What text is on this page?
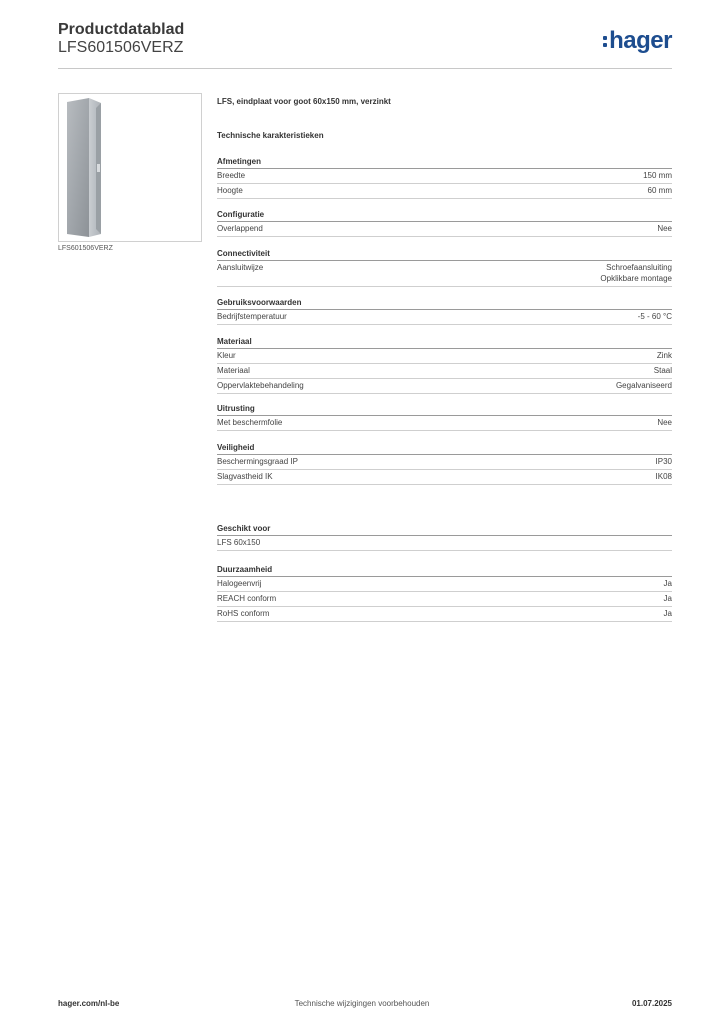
Productdatablad
LFS601506VERZ	hager
LFS601506VERZ
LFS, eindplaat voor goot 60x150 mm, verzinkt
Technische karakteristieken
Afmetingen
Breedte	150 mm
Hoogte	60 mm
Configuratie
Overlappend	Nee
Connectiviteit
Aansluitwijze	Schroefaansluiting
Opklikbare montage
Gebruiksvoorwaarden
Bedrijfstemperatuur	-5 - 60 °C
Materiaal
Kleur	Zink
Materiaal	Staal
Oppervlaktebehandeling	Gegalvaniseerd
Uitrusting
Met beschermfolie	Nee
Veiligheid
Beschermingsgraad IP	IP30
Slagvastheid IK	IK08
Geschikt voor
LFS 60x150
Duurzaamheid
Halogeenvrij	Ja
REACH conform	Ja
RoHS conform	Ja
hager.com/nl-be	Technische wijzigingen voorbehouden	01.07.2025
